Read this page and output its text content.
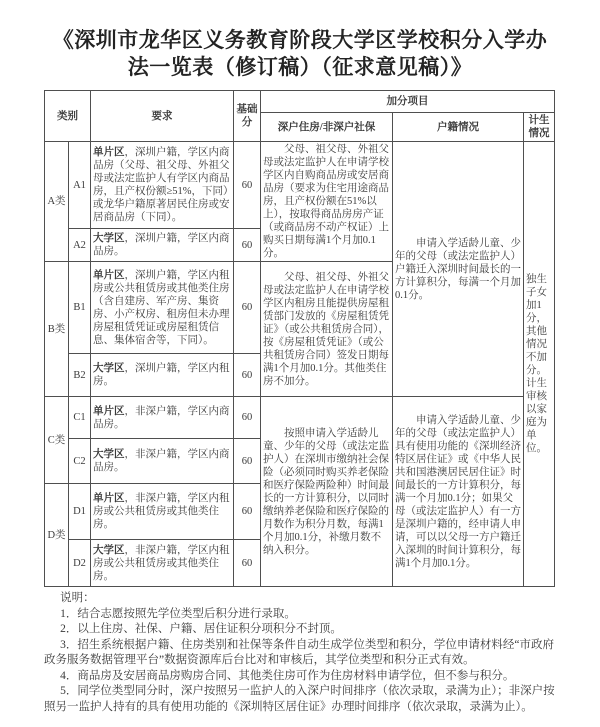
《深圳市龙华区义务教育阶段大学区学校积分入学办
法一览表（修订稿）（征求意见稿）》
类别		要求	基础分	加分项目		
				深户住房/非深户社保	户籍情况	计生情况
A类	A1	单片区，深圳户籍，学区内商品房（父母、祖父母、外祖父母或法定监护人有学区内商品房，且产权份额≥51%，下同）或龙华户籍原著居民住房或安居商品房（下同）。	60	父母、祖父母、外祖父母或法定监护人在申请学校学区内自购商品房或安居商品房（要求为住宅用途商品房，且产权份额在51%以上），按取得商品房房产证（或商品房不动产权证）上购买日期每满1个月加0.1分。	申请入学适龄儿童、少年的父母（或法定监护人）户籍迁入深圳时间最长的一方计算积分，每满一个月加0.1分。	独生子女加1分，其他情况不加分。计生审核以家庭为单位。
	A2	大学区，深圳户籍，学区内商品房。	60			
B类	B1	单片区，深圳户籍，学区内租房或公共租赁房或其他类住房（含自建房、军产房、集资房、小产权房、租房但未办理房屋租赁凭证或房屋租赁信息、集体宿舍等，下同）。	60	父母、祖父母、外祖父母或法定监护人在申请学校学区内租房且能提供房屋租赁部门发放的《房屋租赁凭证》（或公共租赁房合同），按《房屋租赁凭证》（或公共租赁房合同）签发日期每满1个月加0.1分。其他类住房不加分。		

	B2	大学区，深圳户籍，学区内租房。	60			
C类	C1	单片区，非深户籍，学区内商品房。	60	按照申请入学适龄儿童、少年的父母（或法定监护人）在深圳市缴纳社会保险（必须同时购买养老保险和医疗保险两险种）时间最长的一方计算积分，以同时缴纳养老保险和医疗保险的月数作为积分月数，每满1个月加0.1分，补缴月数不纳入积分。	申请入学适龄儿童、少年的父母（或法定监护人）具有使用功能的《深圳经济特区居住证》或《中华人民共和国港澳居民居住证》时间最长的一方计算积分，每满一个月加0.1分；如果父母（或法定监护人）有一方是深圳户籍的，经申请人申请，可以以父母一方户籍迁入深圳的时间计算积分，每满1个月加0.1分。	

	C2	大学区，非深户籍，学区内商品房。	60			
D类	D1	单片区，非深户籍，学区内租房或公共租赁房或其他类住房。	60			
	D2	大学区，非深户籍，学区内租房或公共租赁房或其他类住房。	60			

说明：

1．结合志愿按照先学位类型后积分进行录取。

2．以上住房、社保、户籍、居住证积分项积分不封顶。

3．招生系统根据户籍、住房类别和社保等条件自动生成学位类型和积分，学位申请材料经“市政府政务服务数据管理平台”数据资源库后台比对和审核后，其学位类型和积分正式有效。

4．商品房及安居商品房购房合同、其他类住房可作为住房材料申请学位，但不参与积分。

5．同学位类型同分时，深户按照另一监护人的入深户时间排序（依次录取，录满为止）；非深户按照另一监护人持有的具有使用功能的《深圳特区居住证》办理时间排序（依次录取，录满为止）。
